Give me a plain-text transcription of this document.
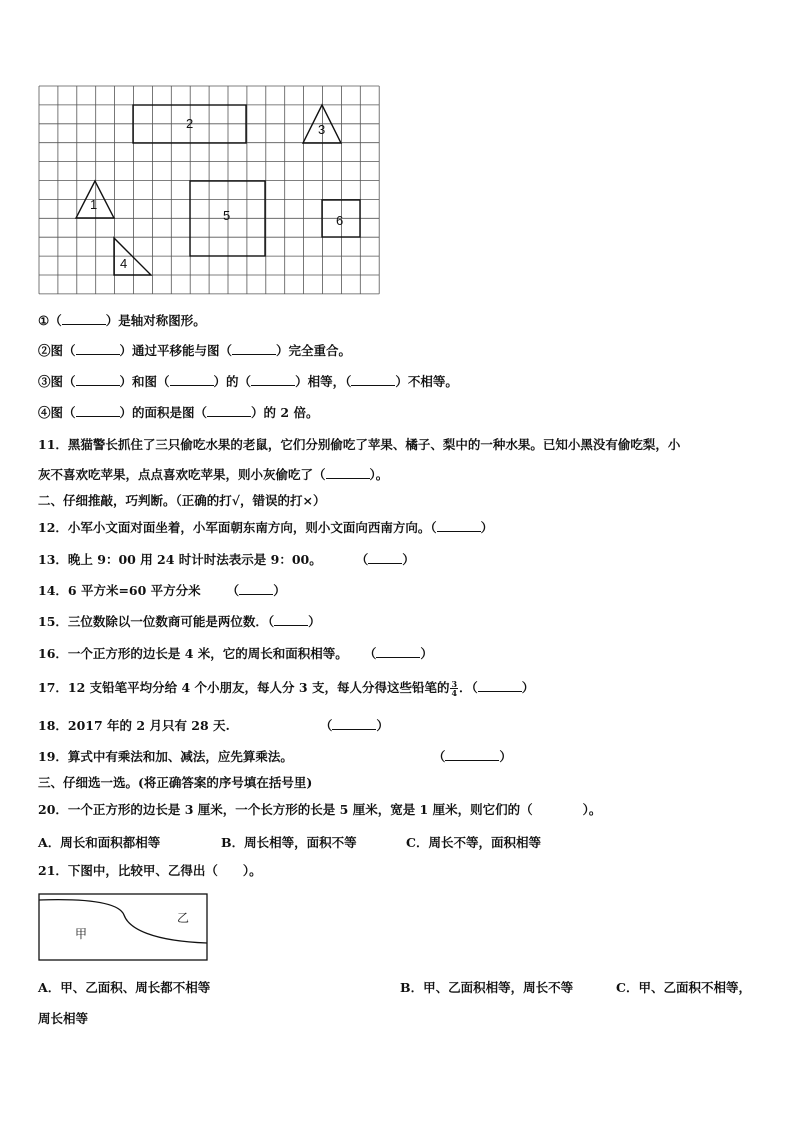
2	3
1
5	6
4
①（	）是轴对称图形。
②图（	）通过平移能与图（	）完全重合。
③图（	）和图（	）的（	）相等，（	）不相等。
④图（	）的面积是图（	）的 2 倍。
11．黑猫警长抓住了三只偷吃水果的老鼠，它们分别偷吃了苹果、橘子、梨中的一种水果。已知小黑没有偷吃梨，小
灰不喜欢吃苹果，点点喜欢吃苹果，则小灰偷吃了（	）。
二、仔细推敲，巧判断。（正确的打√，错误的打×）
12．小军小文面对面坐着，小军面朝东南方向，则小文面向西南方向。（	）
13．晚上 9：00 用 24 时计时法表示是 9：00。	（	）
14．6 平方米=60 平方分米 （	）
15．三位数除以一位数商可能是两位数．（	）
16．一个正方形的边长是 4 米，它的周长和面积相等。 （	）
17．12 支铅笔平均分给 4 个小朋友，每人分 3 支，每人分得这些铅笔的 $\frac{3}{4}$ ．（	）
18．2017 年的 2 月只有 28 天.	（	）
19．算式中有乘法和加、减法，应先算乘法。	（	）
三、仔细选一选。(将正确答案的序号填在括号里)
20．一个正方形的边长是 3 厘米，一个长方形的长是 5 厘米，宽是 1 厘米，则它们的（　　　　）。
A．周长和面积都相等	B．周长相等，面积不等	C．周长不等，面积相等
21．下图中，比较甲、乙得出（　　）。
甲
乙
A．甲、乙面积、周长都不相等	B．甲、乙面积相等，周长不等	C．甲、乙面积不相等，
周长相等
